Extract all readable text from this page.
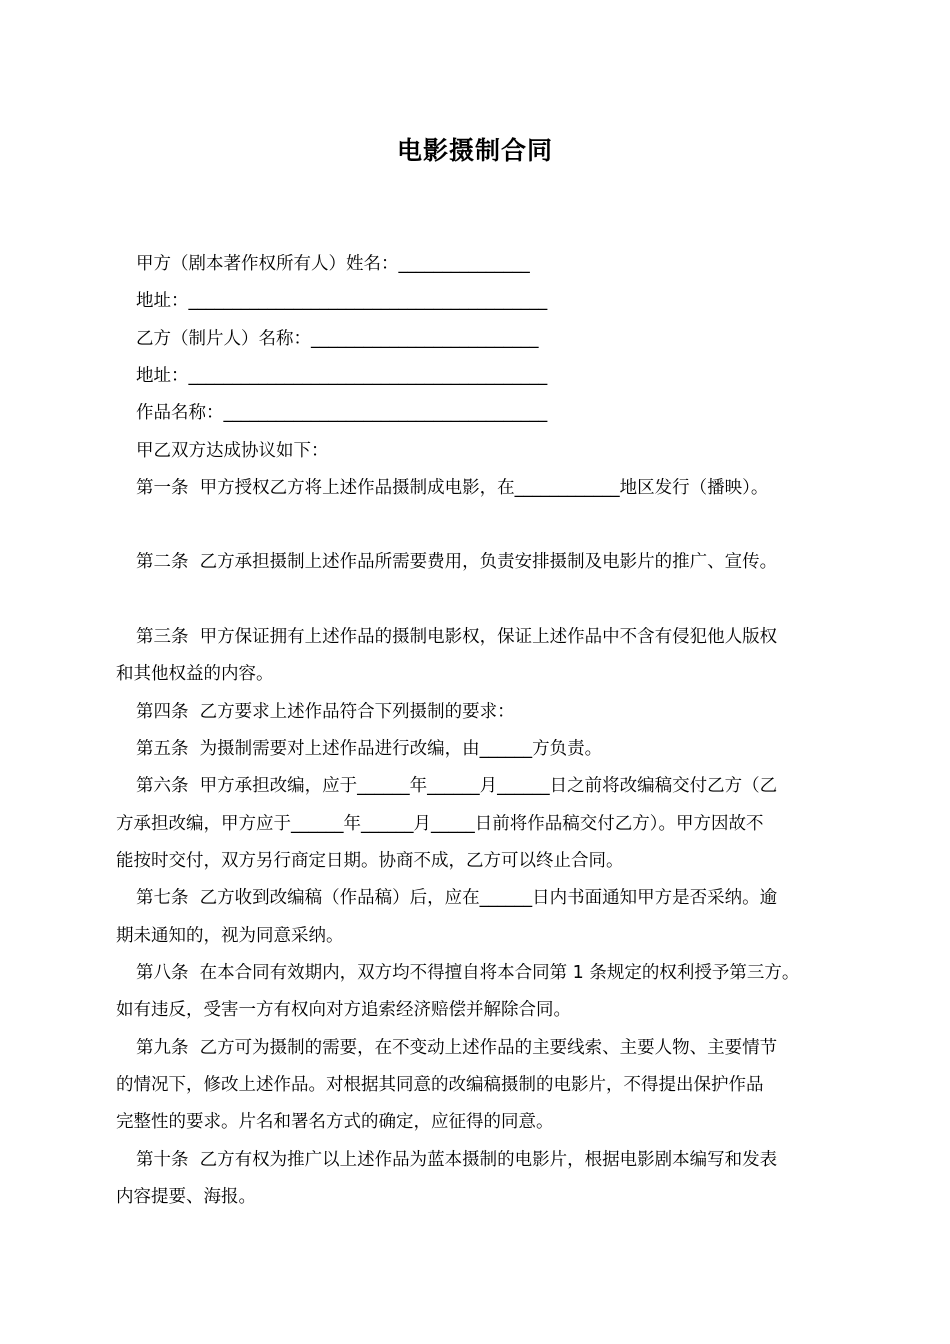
电影摄制合同
甲方（剧本著作权所有人）姓名：_______________
地址：_________________________________________
乙方（制片人）名称：__________________________
地址：_________________________________________
作品名称：_____________________________________
甲乙双方达成协议如下：
第一条  甲方授权乙方将上述作品摄制成电影，在____________地区发行（播映）。
第二条  乙方承担摄制上述作品所需要费用，负责安排摄制及电影片的推广、宣传。
第三条  甲方保证拥有上述作品的摄制电影权，保证上述作品中不含有侵犯他人版权
和其他权益的内容。
第四条  乙方要求上述作品符合下列摄制的要求：
第五条  为摄制需要对上述作品进行改编，由______方负责。
第六条  甲方承担改编，应于______年______月______日之前将改编稿交付乙方（乙
方承担改编，甲方应于______年______月_____日前将作品稿交付乙方）。甲方因故不
能按时交付，双方另行商定日期。协商不成，乙方可以终止合同。
第七条  乙方收到改编稿（作品稿）后，应在______日内书面通知甲方是否采纳。逾
期未通知的，视为同意采纳。
第八条  在本合同有效期内，双方均不得擅自将本合同第 1 条规定的权利授予第三方。
如有违反，受害一方有权向对方追索经济赔偿并解除合同。
第九条  乙方可为摄制的需要，在不变动上述作品的主要线索、主要人物、主要情节
的情况下，修改上述作品。对根据其同意的改编稿摄制的电影片，不得提出保护作品
完整性的要求。片名和署名方式的确定，应征得的同意。
第十条  乙方有权为推广以上述作品为蓝本摄制的电影片，根据电影剧本编写和发表
内容提要、海报。
